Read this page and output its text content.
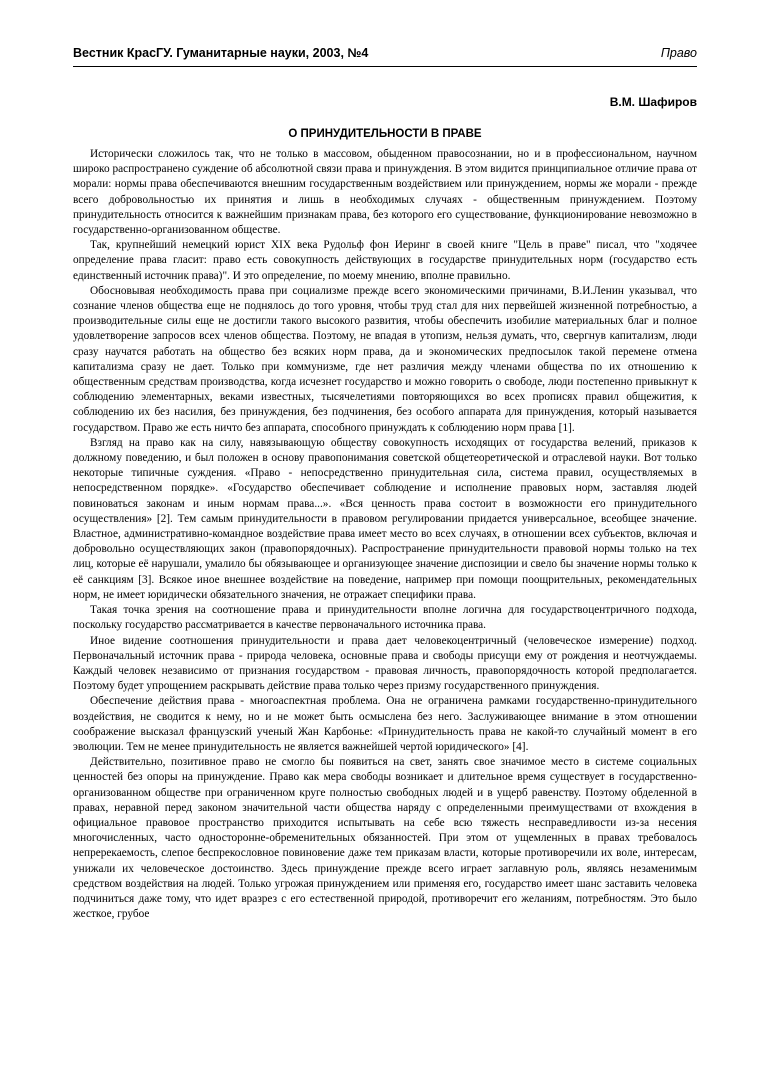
Вестник КрасГУ. Гуманитарные науки, 2003, №4	Право
В.М. Шафиров
О ПРИНУДИТЕЛЬНОСТИ В ПРАВЕ

Исторически сложилось так, что не только в массовом, обыденном правосознании, но и в профессиональном, научном широко распространено суждение об абсолютной связи права и принуждения. В этом видится принципиальное отличие права от морали: нормы права обеспечиваются внешним государственным воздействием или принуждением, нормы же морали - прежде всего добровольностью их принятия и лишь в необходимых случаях - общественным принуждением. Поэтому принудительность относится к важнейшим признакам права, без которого его существование, функционирование невозможно в государственно-организованном обществе.

Так, крупнейший немецкий юрист XIX века Рудольф фон Иеринг в своей книге "Цель в праве" писал, что "ходячее определение права гласит: право есть совокупность действующих в государстве принудительных норм (государство есть единственный источник права)". И это определение, по моему мнению, вполне правильно.

Обосновывая необходимость права при социализме прежде всего экономическими причинами, В.И.Ленин указывал, что сознание членов общества еще не поднялось до того уровня, чтобы труд стал для них первейшей жизненной потребностью, а производительные силы еще не достигли такого высокого развития, чтобы обеспечить изобилие материальных благ и полное удовлетворение запросов всех членов общества. Поэтому, не впадая в утопизм, нельзя думать, что, свергнув капитализм, люди сразу научатся работать на общество без всяких норм права, да и экономических предпосылок такой перемене отмена капитализма сразу не дает. Только при коммунизме, где нет различия между членами общества по их отношению к общественным средствам производства, когда исчезнет государство и можно говорить о свободе, люди постепенно привыкнут к соблюдению элементарных, веками известных, тысячелетиями повторяющихся во всех прописях правил общежития, к соблюдению их без насилия, без принуждения, без подчинения, без особого аппарата для принуждения, который называется государством. Право же есть ничто без аппарата, способного принуждать к соблюдению норм права [1].

Взгляд на право как на силу, навязывающую обществу совокупность исходящих от государства велений, приказов к должному поведению, и был положен в основу правопонимания советской общетеоретической и отраслевой науки. Вот только некоторые типичные суждения. «Право - непосредственно принудительная сила, система правил, осуществляемых в непосредственном порядке». «Государство обеспечивает соблюдение и исполнение правовых норм, заставляя людей повиноваться законам и иным нормам права...». «Вся ценность права состоит в возможности его принудительного осуществления» [2]. Тем самым принудительности в правовом регулировании придается универсальное, всеобщее значение. Властное, административно-командное воздействие права имеет место во всех случаях, в отношении всех субъектов, включая и добровольно осуществляющих закон (правопорядочных). Распространение принудительности правовой нормы только на тех лиц, которые её нарушали, умалило бы обязывающее и организующее значение диспозиции и свело бы значение нормы только к её санкциям [3]. Всякое иное внешнее воздействие на поведение, например при помощи поощрительных, рекомендательных норм, не имеет юридически обязательного значения, не отражает специфики права.

Такая точка зрения на соотношение права и принудительности вполне логична для государствоцентричного подхода, поскольку государство рассматривается в качестве первоначального источника права.

Иное видение соотношения принудительности и права дает человекоцентричный (человеческое измерение) подход. Первоначальный источник права - природа человека, основные права и свободы присущи ему от рождения и неотчуждаемы. Каждый человек независимо от признания государством - правовая личность, правопорядочность которой предполагается. Поэтому будет упрощением раскрывать действие права только через призму государственного принуждения.

Обеспечение действия права - многоаспектная проблема. Она не ограничена рамками государственно-принудительного воздействия, не сводится к нему, но и не может быть осмыслена без него. Заслуживающее внимание в этом отношении соображение высказал французский ученый Жан Карбонье: «Принудительность права не какой-то случайный момент в его эволюции. Тем не менее принудительность не является важнейшей чертой юридического» [4].

Действительно, позитивное право не смогло бы появиться на свет, занять свое значимое место в системе социальных ценностей без опоры на принуждение. Право как мера свободы возникает и длительное время существует в государственно-организованном обществе при ограниченном круге полностью свободных людей и в ущерб равенству. Поэтому обделенной в правах, неравной перед законом значительной части общества наряду с определенными преимуществами от вхождения в официальное правовое пространство приходится испытывать на себе всю тяжесть несправедливости из-за несения многочисленных, часто односторонне-обременительных обязанностей. При этом от ущемленных в правах требовалось непререкаемость, слепое беспрекословное повиновение даже тем приказам власти, которые противоречили их воле, интересам, унижали их человеческое достоинство. Здесь принуждение прежде всего играет заглавную роль, являясь незаменимым средством воздействия на людей. Только угрожая принуждением или применяя его, государство имеет шанс заставить человека подчиниться даже тому, что идет вразрез с его естественной природой, противоречит его желаниям, потребностям. Это было жесткое, грубое
